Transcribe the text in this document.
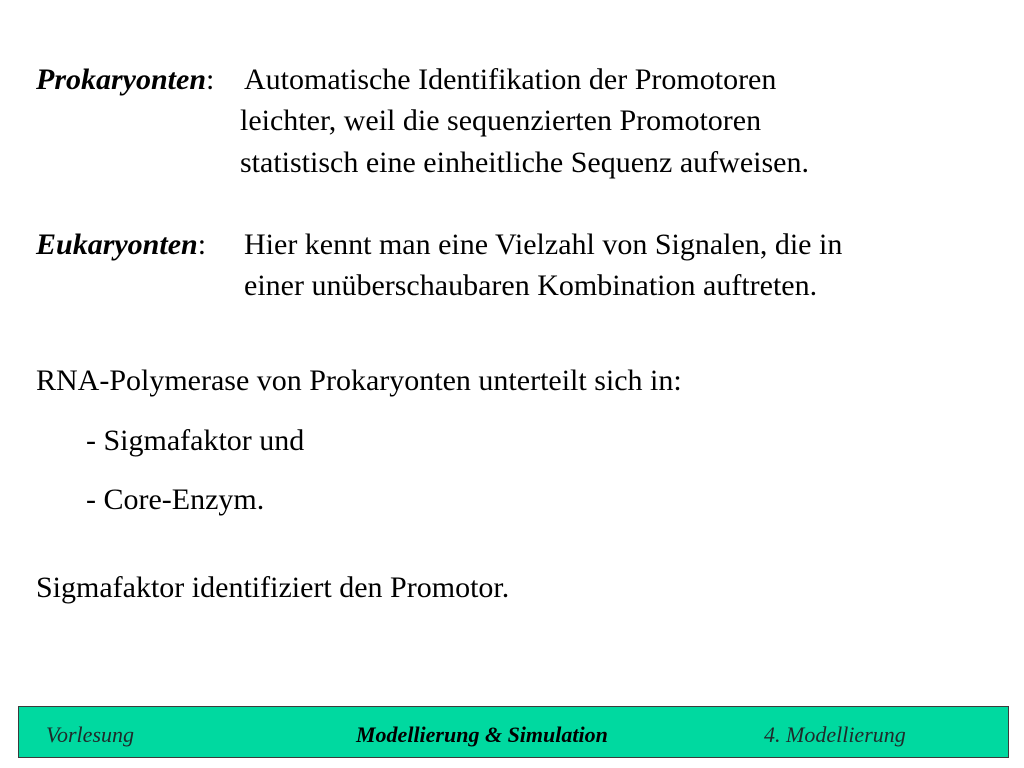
Prokaryonten: Automatische Identifikation der Promotoren
leichter, weil die sequenzierten Promotoren
statistisch eine einheitliche Sequenz aufweisen.
Eukaryonten: Hier kennt man eine Vielzahl von Signalen, die in
einer unüberschaubaren Kombination auftreten.
RNA-Polymerase von Prokaryonten unterteilt sich in:
- Sigmafaktor und
- Core-Enzym.
Sigmafaktor identifiziert den Promotor.
Vorlesung	Modellierung & Simulation	4. Modellierung
